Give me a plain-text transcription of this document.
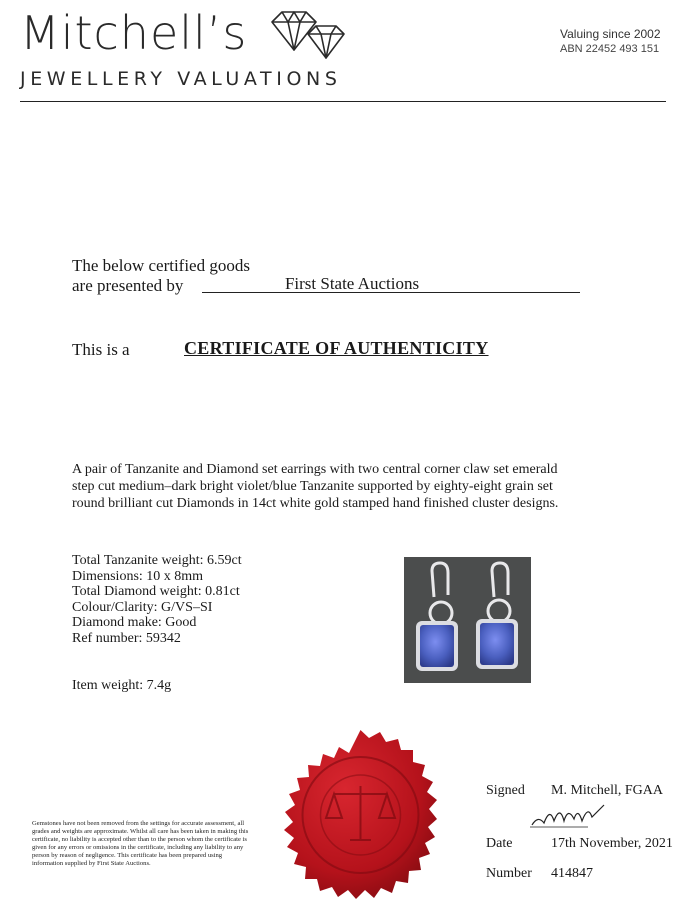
Mitchell’s
JEWELLERY VALUATIONS
Valuing since 2002
ABN 22452 493 151
The below certified goods
are presented by	First State Auctions
This is a	CERTIFICATE OF AUTHENTICITY
A pair of Tanzanite and Diamond set earrings with two central corner claw set emerald step cut medium–dark bright violet/blue Tanzanite supported by eighty-eight grain set round brilliant cut Diamonds in 14ct white gold stamped hand finished cluster designs.
Total Tanzanite weight: 6.59ct
Dimensions: 10 x 8mm
Total Diamond weight: 0.81ct
Colour/Clarity: G/VS–SI
Diamond make: Good
Ref number: 59342
Item weight: 7.4g
Signed M. Mitchell, FGAA
Date	17th November, 2021
Number 414847
Gemstones have not been removed from the settings for accurate assessment, all grades and weights are approximate. Whilst all care has been taken in making this certificate, no liability is accepted other than to the person whom the certificate is given for any errors or omissions in the certificate, including any liability to any person by reason of negligence. This certificate has been prepared using information supplied by First State Auctions.
